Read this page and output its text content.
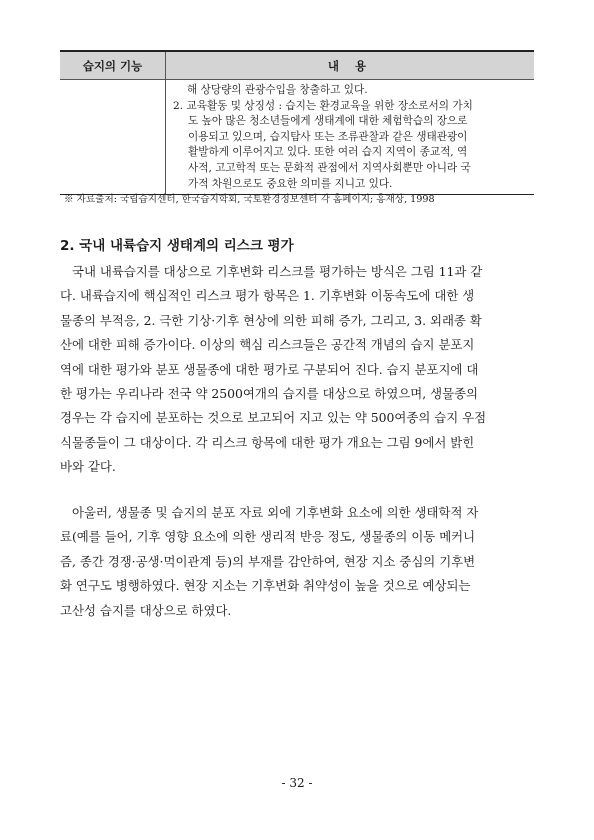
습지의 기능	내 용
해 상당량의 관광수입을 창출하고 있다.
2. 교육활동 및 상징성 : 습지는 환경교육을 위한 장소로서의 가치
도 높아 많은 청소년들에게 생태계에 대한 체험학습의 장으로
이용되고 있으며, 습지탐사 또는 조류관찰과 같은 생태관광이
활발하게 이루어지고 있다. 또한 여러 습지 지역이 종교적, 역
사적, 고고학적 또는 문화적 관점에서 지역사회뿐만 아니라 국
가적 차원으로도 중요한 의미를 지니고 있다.
※ 자료출처: 국립습지센터, 한국습지학회, 국토환경정보센터 각 홈페이지; 홍재상, 1998
2. 국내 내륙습지 생태계의 리스크 평가
국내 내륙습지를 대상으로 기후변화 리스크를 평가하는 방식은 그림 11과 같
다. 내륙습지에 핵심적인 리스크 평가 항목은 1. 기후변화 이동속도에 대한 생
물종의 부적응, 2. 극한 기상·기후 현상에 의한 피해 증가, 그리고, 3. 외래종 확
산에 대한 피해 증가이다. 이상의 핵심 리스크들은 공간적 개념의 습지 분포지
역에 대한 평가와 분포 생물종에 대한 평가로 구분되어 진다. 습지 분포지에 대
한 평가는 우리나라 전국 약 2500여개의 습지를 대상으로 하였으며, 생물종의
경우는 각 습지에 분포하는 것으로 보고되어 지고 있는 약 500여종의 습지 우점
식물종들이 그 대상이다. 각 리스크 항목에 대한 평가 개요는 그림 9에서 밝힌
바와 같다.
아울러, 생물종 및 습지의 분포 자료 외에 기후변화 요소에 의한 생태학적 자
료(예를 들어, 기후 영향 요소에 의한 생리적 반응 정도, 생물종의 이동 메커니
즘, 종간 경쟁·공생·먹이관계 등)의 부재를 감안하여, 현장 지소 중심의 기후변
화 연구도 병행하였다. 현장 지소는 기후변화 취약성이 높을 것으로 예상되는
고산성 습지를 대상으로 하였다.
- 32 -
